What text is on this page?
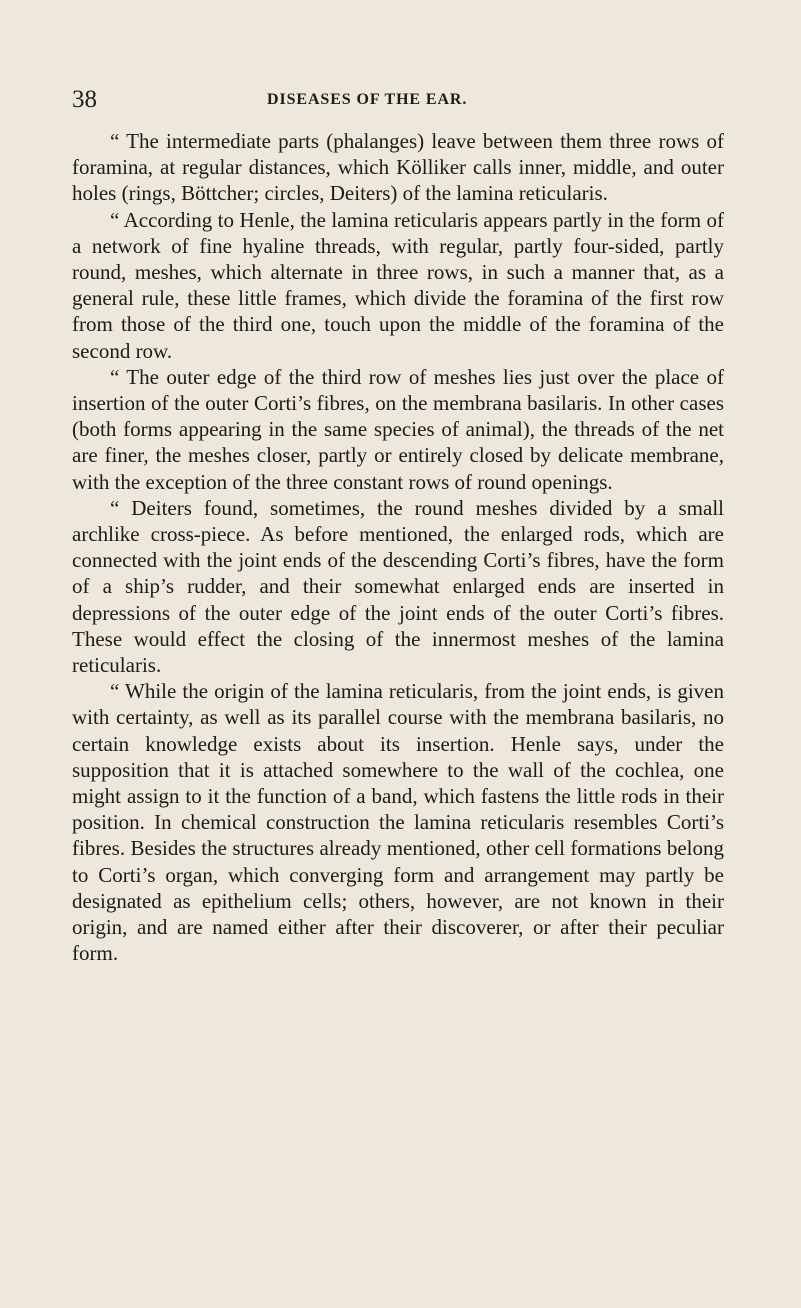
38	DISEASES OF THE EAR.

“ The intermediate parts (phalanges) leave between them three rows of foramina, at regular distances, which Kölliker calls inner, middle, and outer holes (rings, Böttcher; circles, Deiters) of the lamina reticularis.

“ According to Henle, the lamina reticularis appears partly in the form of a network of fine hyaline threads, with regular, partly four-sided, partly round, meshes, which alternate in three rows, in such a manner that, as a general rule, these little frames, which divide the foramina of the first row from those of the third one, touch upon the middle of the foramina of the second row.

“ The outer edge of the third row of meshes lies just over the place of insertion of the outer Corti’s fibres, on the membrana basilaris. In other cases (both forms appearing in the same species of animal), the threads of the net are finer, the meshes closer, partly or entirely closed by delicate membrane, with the exception of the three constant rows of round openings.

“ Deiters found, sometimes, the round meshes divided by a small archlike cross-piece. As before mentioned, the enlarged rods, which are connected with the joint ends of the descending Corti’s fibres, have the form of a ship’s rudder, and their somewhat enlarged ends are inserted in depressions of the outer edge of the joint ends of the outer Corti’s fibres. These would effect the closing of the innermost meshes of the lamina reticularis.

“ While the origin of the lamina reticularis, from the joint ends, is given with certainty, as well as its parallel course with the membrana basilaris, no certain knowledge exists about its insertion. Henle says, under the supposition that it is attached somewhere to the wall of the cochlea, one might assign to it the function of a band, which fastens the little rods in their position. In chemical construction the lamina reticularis resembles Corti’s fibres. Besides the structures already mentioned, other cell formations belong to Corti’s organ, which converging form and arrangement may partly be designated as epithelium cells; others, however, are not known in their origin, and are named either after their discoverer, or after their peculiar form.
